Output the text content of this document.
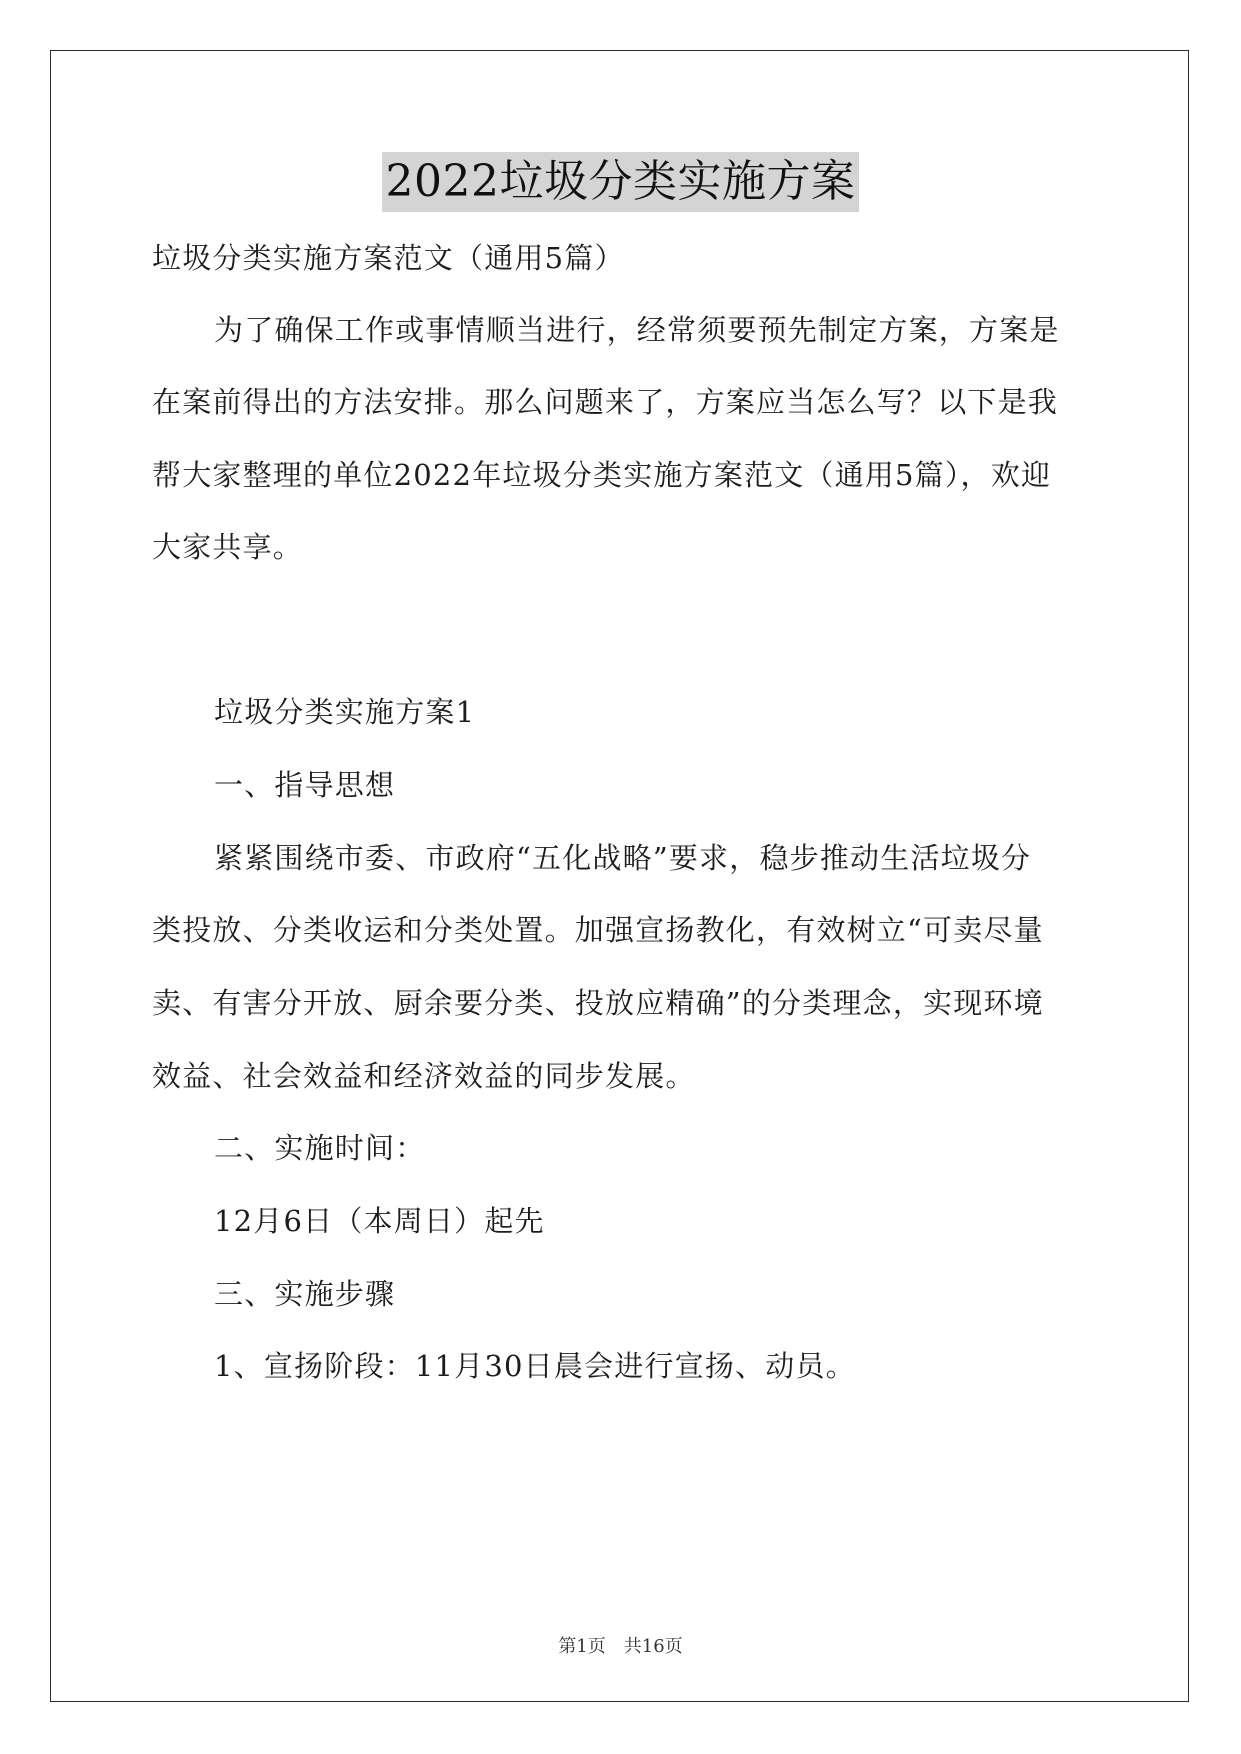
2022垃圾分类实施方案

垃圾分类实施方案范文（通用5篇）

为了确保工作或事情顺当进行，经常须要预先制定方案，方案是

在案前得出的方法安排。那么问题来了，方案应当怎么写？以下是我

帮大家整理的单位2022年垃圾分类实施方案范文（通用5篇），欢迎

大家共享。

垃圾分类实施方案1

一、指导思想

紧紧围绕市委、市政府“五化战略”要求，稳步推动生活垃圾分

类投放、分类收运和分类处置。加强宣扬教化，有效树立“可卖尽量

卖、有害分开放、厨余要分类、投放应精确”的分类理念，实现环境

效益、社会效益和经济效益的同步发展。

二、实施时间：

12月6日（本周日）起先

三、实施步骤

1、宣扬阶段：11月30日晨会进行宣扬、动员。

第1页　共16页
